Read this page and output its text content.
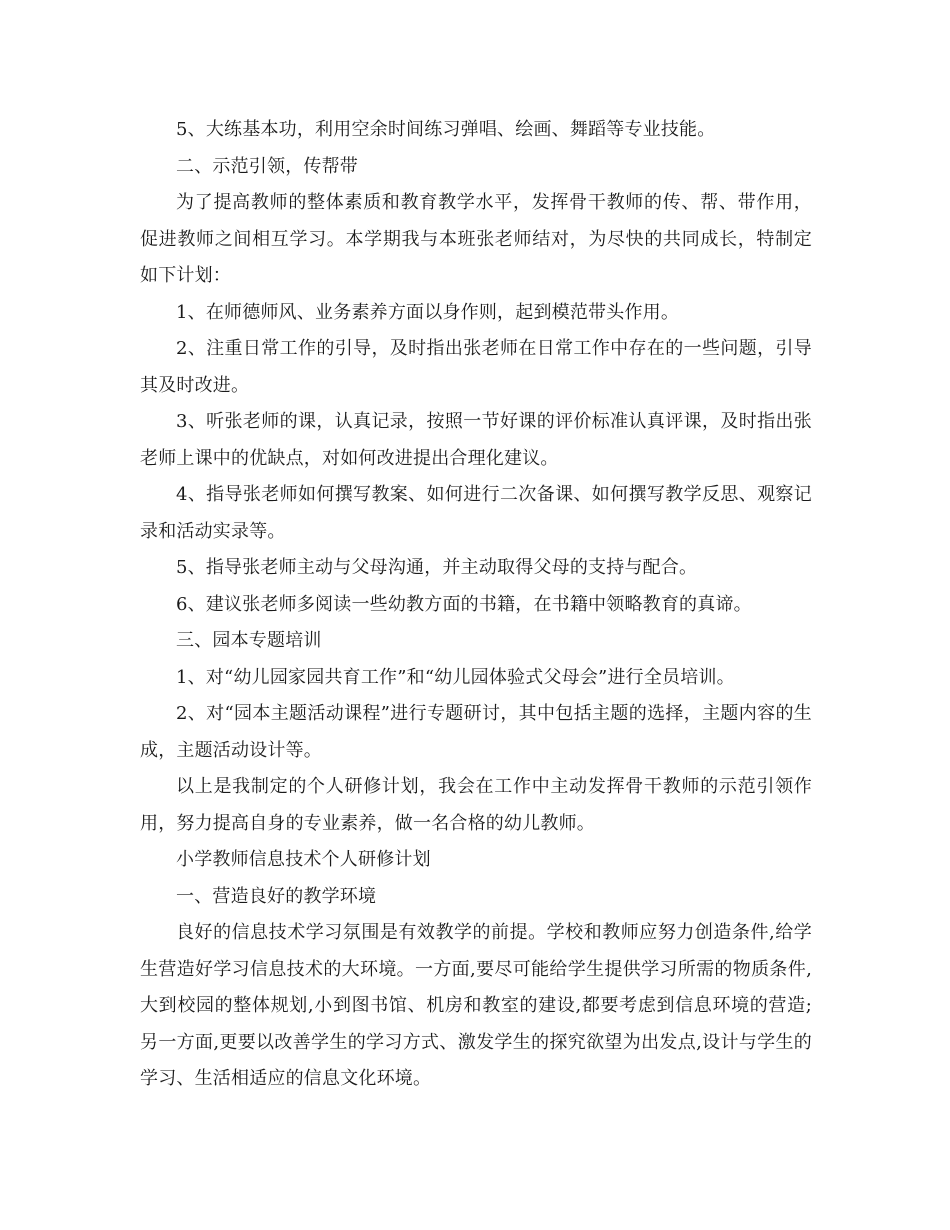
5、大练基本功，利用空余时间练习弹唱、绘画、舞蹈等专业技能。

二、示范引领，传帮带

为了提高教师的整体素质和教育教学水平，发挥骨干教师的传、帮、带作用，促进教师之间相互学习。本学期我与本班张老师结对，为尽快的共同成长，特制定如下计划：

1、在师德师风、业务素养方面以身作则，起到模范带头作用。

2、注重日常工作的引导，及时指出张老师在日常工作中存在的一些问题，引导其及时改进。

3、听张老师的课，认真记录，按照一节好课的评价标准认真评课，及时指出张老师上课中的优缺点，对如何改进提出合理化建议。

4、指导张老师如何撰写教案、如何进行二次备课、如何撰写教学反思、观察记录和活动实录等。

5、指导张老师主动与父母沟通，并主动取得父母的支持与配合。

6、建议张老师多阅读一些幼教方面的书籍，在书籍中领略教育的真谛。

三、园本专题培训

1、对“幼儿园家园共育工作”和“幼儿园体验式父母会”进行全员培训。

2、对“园本主题活动课程”进行专题研讨，其中包括主题的选择，主题内容的生成，主题活动设计等。

以上是我制定的个人研修计划，我会在工作中主动发挥骨干教师的示范引领作用，努力提高自身的专业素养，做一名合格的幼儿教师。

小学教师信息技术个人研修计划

一、营造良好的教学环境

良好的信息技术学习氛围是有效教学的前提。学校和教师应努力创造条件,给学生营造好学习信息技术的大环境。一方面,要尽可能给学生提供学习所需的物质条件,大到校园的整体规划,小到图书馆、机房和教室的建设,都要考虑到信息环境的营造;另一方面,更要以改善学生的学习方式、激发学生的探究欲望为出发点,设计与学生的学习、生活相适应的信息文化环境。
